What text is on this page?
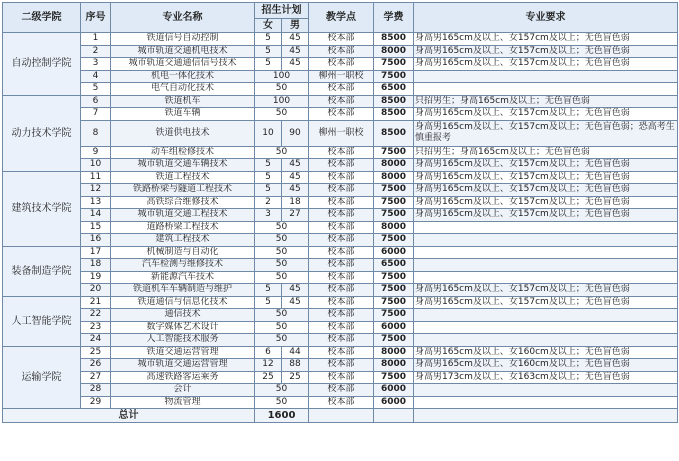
二级学院	序号	专业名称	招生计划		教学点	学费	专业要求
			女	男			
自动控制学院	1	铁道信号自动控制	5	45	校本部	8500	身高男165cm及以上、女157cm及以上；无色盲色弱
	2	城市轨道交通机电技术	5	45	校本部	8000	身高男165cm及以上、女157cm及以上；无色盲色弱
	3	城市轨道交通通信信号技术	5	45	校本部	7500	身高男165cm及以上、女157cm及以上；无色盲色弱
	4	机电一体化技术	100		柳州一职校	7500	
	5	电气自动化技术	50		校本部	6500	
动力技术学院	6	铁道机车	100		校本部	8500	只招男生；身高165cm及以上；无色盲色弱
	7	铁道车辆	50		校本部	8500	身高男165cm及以上、女157cm及以上；无色盲色弱
	8	铁道供电技术	10	90	柳州一职校	8500	身高男165cm及以上、女157cm及以上；无色盲色弱；恐高考生慎重报考
	9	动车组检修技术	50		校本部	7500	只招男生；身高165cm及以上；无色盲色弱
	10	城市轨道交通车辆技术	5	45	校本部	8000	身高男165cm及以上、女157cm及以上；无色盲色弱
建筑技术学院	11	铁道工程技术	5	45	校本部	8000	身高男165cm及以上、女157cm及以上；无色盲色弱
	12	铁路桥梁与隧道工程技术	5	45	校本部	7500	身高男165cm及以上、女157cm及以上；无色盲色弱
	13	高铁综合维修技术	2	18	校本部	7500	身高男165cm及以上、女157cm及以上；无色盲色弱
	14	城市轨道交通工程技术	3	27	校本部	7500	身高男165cm及以上、女157cm及以上；无色盲色弱
	15	道路桥梁工程技术	50		校本部	8000	
	16	建筑工程技术	50		校本部	7500	
装备制造学院	17	机械制造与自动化	50		校本部	6000	
	18	汽车检测与维修技术	50		校本部	6500	
	19	新能源汽车技术	50		校本部	7500	
	20	铁道机车车辆制造与维护	5	45	校本部	7500	身高男165cm及以上、女157cm及以上；无色盲色弱
人工智能学院	21	铁道通信与信息化技术	5	45	校本部	7500	身高男165cm及以上、女157cm及以上；无色盲色弱
	22	通信技术	50		校本部	7500	
	23	数字媒体艺术设计	50		校本部	6000	
	24	人工智能技术服务	50		校本部	7500	
运输学院	25	铁道交通运营管理	6	44	校本部	8000	身高男165cm及以上、女160cm及以上；无色盲色弱
	26	城市轨道交通运营管理	12	88	校本部	8000	身高男165cm及以上、女160cm及以上；无色盲色弱
	27	高速铁路客运乘务	25	25	校本部	7500	身高男173cm及以上、女163cm及以上；无色盲色弱
	28	会计	50		校本部	6000	
	29	物流管理	50		校本部	6000	
总计			1600				
